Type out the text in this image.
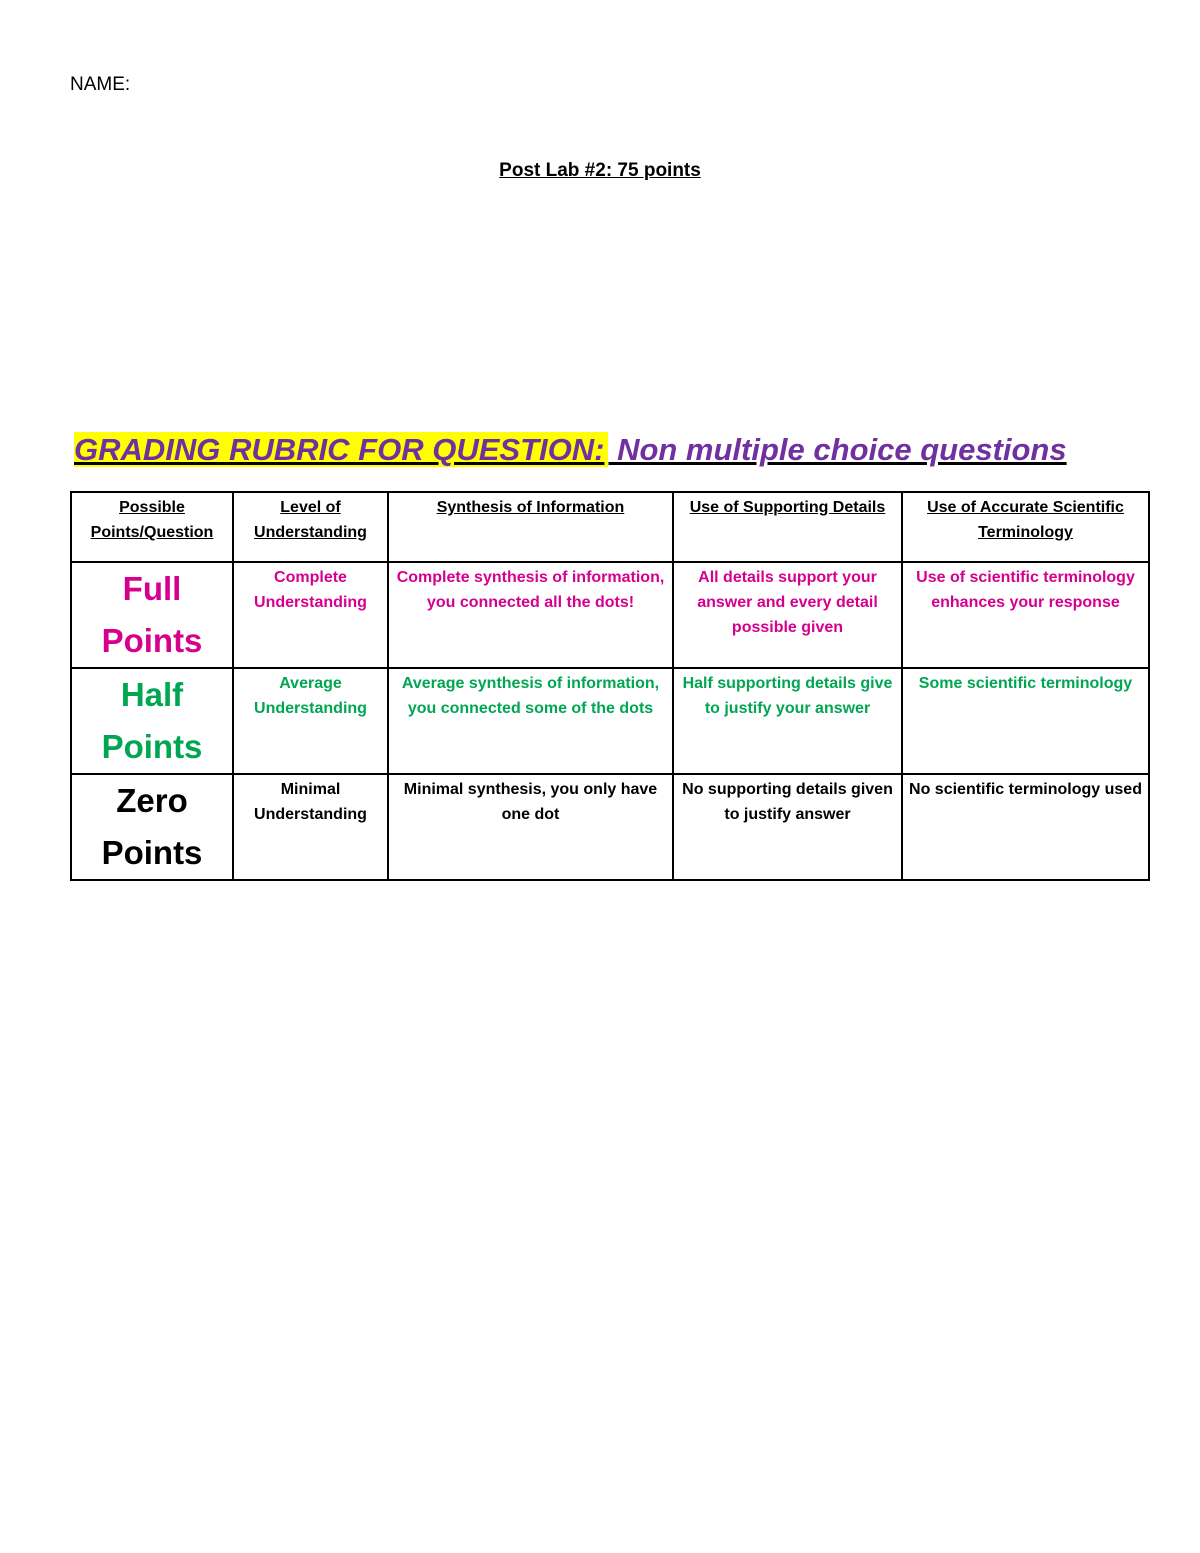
NAME:
Post Lab #2: 75 points
GRADING RUBRIC FOR QUESTION: Non multiple choice questions
Possible Points/Question	Level of Understanding	Synthesis of Information	Use of Supporting Details	Use of Accurate Scientific Terminology
Full Points	Complete Understanding	Complete synthesis of information, you connected all the dots!	All details support your answer and every detail possible given	Use of scientific terminology enhances your response
Half Points	Average Understanding	Average synthesis of information, you connected some of the dots	Half supporting details give to justify your answer	Some scientific terminology
Zero Points	Minimal Understanding	Minimal synthesis, you only have one dot	No supporting details given to justify answer	No scientific terminology used
